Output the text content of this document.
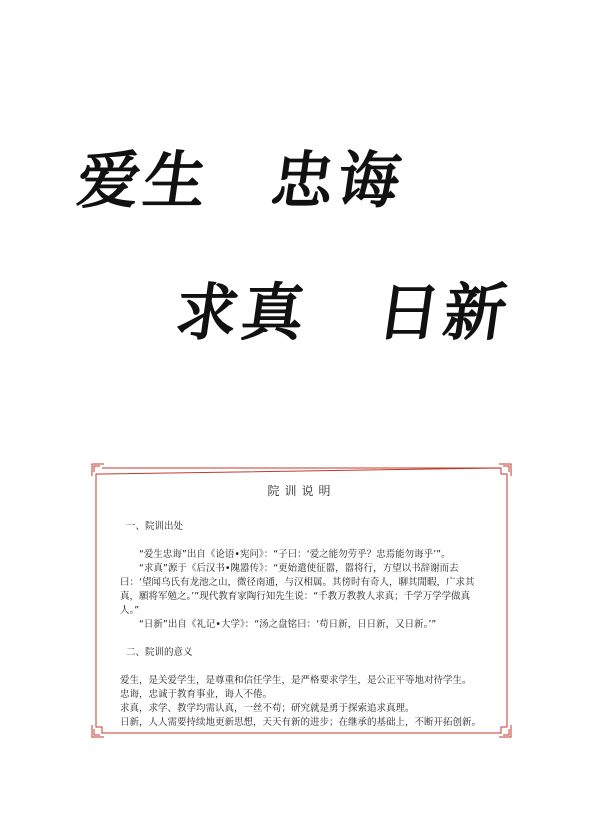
爱生 忠诲
求真 日新
院训说明
一、院训出处

“爱生忠诲”出自《论语•宪问》：“子曰：‘爱之能勿劳乎？忠焉能勿诲乎’”。

“求真”源于《后汉书•隗嚣传》：“更始遣使征嚣，嚣将行，方望以书辞谢而去曰：‘望闻乌氏有龙池之山，微径南通，与汉相属。其傍时有奇人，聊其閒暇，广求其真，願将军勉之。’”现代教育家陶行知先生说：“千教万教教人求真；千学万学学做真人。”

“日新”出自《礼记•大学》：“汤之盘铭曰：‘苟日新，日日新，又日新。’”

二、院训的意义

爱生，是关爱学生，是尊重和信任学生，是严格要求学生，是公正平等地对待学生。

忠诲，忠诚于教育事业，诲人不倦。

求真，求学、教学均需认真，一丝不苟；研究就是勇于探索追求真理。

日新，人人需要持续地更新思想，天天有新的进步；在继承的基础上，不断开拓创新。
